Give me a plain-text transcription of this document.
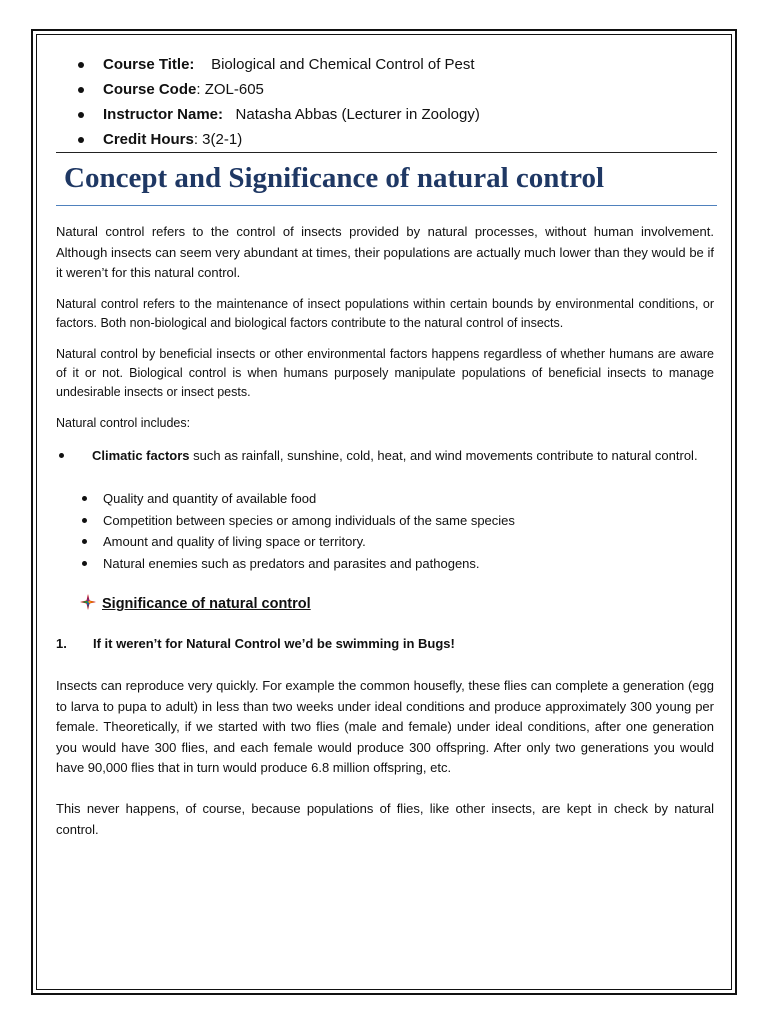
Course Title: Biological and Chemical Control of Pest
Course Code: ZOL-605
Instructor Name: Natasha Abbas (Lecturer in Zoology)
Credit Hours: 3(2-1)
Concept and Significance of natural control

Natural control refers to the control of insects provided by natural processes, without human involvement. Although insects can seem very abundant at times, their populations are actually much lower than they would be if it weren’t for this natural control.

Natural control refers to the maintenance of insect populations within certain bounds by environmental conditions, or factors. Both non-biological and biological factors contribute to the natural control of insects.

Natural control by beneficial insects or other environmental factors happens regardless of whether humans are aware of it or not. Biological control is when humans purposely manipulate populations of beneficial insects to manage undesirable insects or insect pests.

Natural control includes:

Climatic factors such as rainfall, sunshine, cold, heat, and wind movements contribute to natural control.
Quality and quantity of available food
Competition between species or among individuals of the same species
Amount and quality of living space or territory.
Natural enemies such as predators and parasites and pathogens.
Significance of natural control
1. If it weren’t for Natural Control we’d be swimming in Bugs!

Insects can reproduce very quickly. For example the common housefly, these flies can complete a generation (egg to larva to pupa to adult) in less than two weeks under ideal conditions and produce approximately 300 young per female. Theoretically, if we started with two flies (male and female) under ideal conditions, after one generation you would have 300 flies, and each female would produce 300 offspring. After only two generations you would have 90,000 flies that in turn would produce 6.8 million offspring, etc.

This never happens, of course, because populations of flies, like other insects, are kept in check by natural control.
